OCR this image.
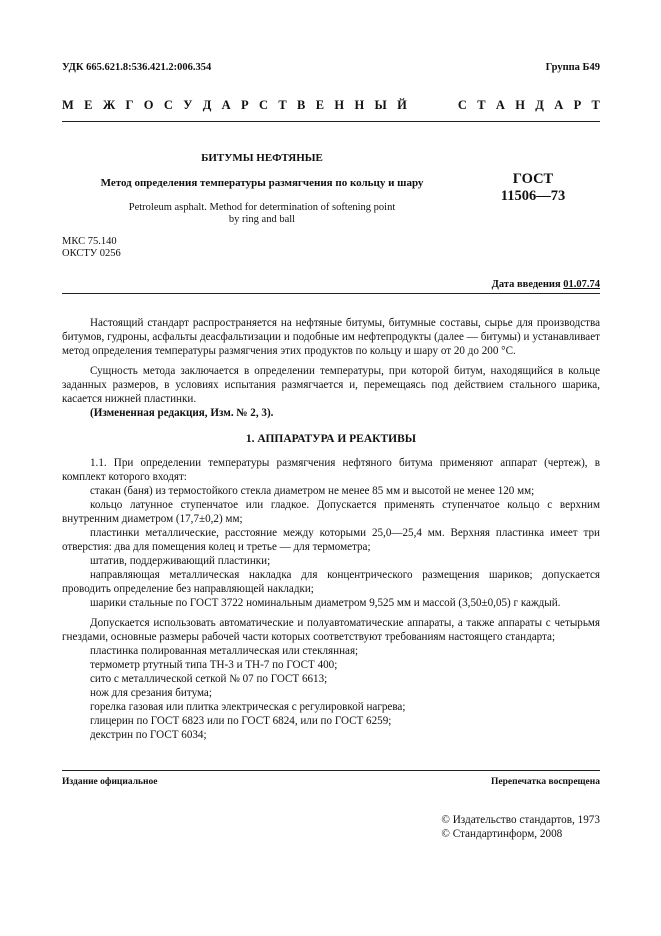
УДК 665.621.8:536.421.2:006.354	Группа Б49
М Е Ж Г О С У Д А Р С Т В Е Н Н Ы Й	С Т А Н Д А Р Т
БИТУМЫ НЕФТЯНЫЕ
Метод определения температуры размягчения по кольцу и шару
Petroleum asphalt. Method for determination of softening point
by ring and ball
ГОСТ
11506—73
МКС 75.140
ОКСТУ 0256
Дата введения 01.07.74

Настоящий стандарт распространяется на нефтяные битумы, битумные составы, сырье для производства битумов, гудроны, асфальты деасфальтизации и подобные им нефтепродукты (далее — битумы) и устанавливает метод определения температуры размягчения этих продуктов по кольцу и шару от 20 до 200 °С.

Сущность метода заключается в определении температуры, при которой битум, находящийся в кольце заданных размеров, в условиях испытания размягчается и, перемещаясь под действием стального шарика, касается нижней пластинки.

(Измененная редакция, Изм. № 2, 3).

1. АППАРАТУРА И РЕАКТИВЫ

1.1. При определении температуры размягчения нефтяного битума применяют аппарат (чертеж), в комплект которого входят:

стакан (баня) из термостойкого стекла диаметром не менее 85 мм и высотой не менее 120 мм;

кольцо латунное ступенчатое или гладкое. Допускается применять ступенчатое кольцо с верхним внутренним диаметром (17,7±0,2) мм;

пластинки металлические, расстояние между которыми 25,0—25,4 мм. Верхняя пластинка имеет три отверстия: два для помещения колец и третье — для термометра;

штатив, поддерживающий пластинки;

направляющая металлическая накладка для концентрического размещения шариков; допускается проводить определение без направляющей накладки;

шарики стальные по ГОСТ 3722 номинальным диаметром 9,525 мм и массой (3,50±0,05) г каждый.

Допускается использовать автоматические и полуавтоматические аппараты, а также аппараты с четырьмя гнездами, основные размеры рабочей части которых соответствуют требованиям настоящего стандарта;

пластинка полированная металлическая или стеклянная;

термометр ртутный типа ТН-3 и ТН-7 по ГОСТ 400;

сито с металлической сеткой № 07 по ГОСТ 6613;

нож для срезания битума;

горелка газовая или плитка электрическая с регулировкой нагрева;

глицерин по ГОСТ 6823 или по ГОСТ 6824, или по ГОСТ 6259;

декстрин по ГОСТ 6034;

Издание официальное	Перепечатка воспрещена
© Издательство стандартов, 1973
© Стандартинформ, 2008
